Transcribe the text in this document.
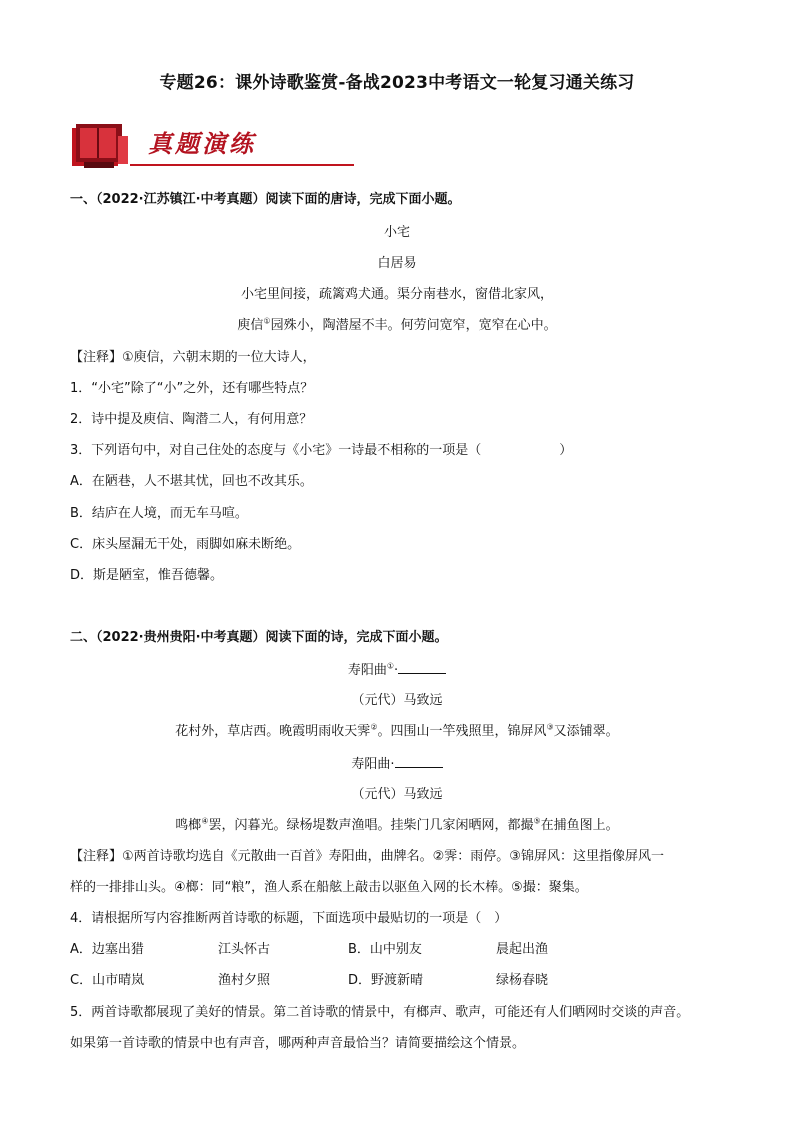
专题26：课外诗歌鉴赏-备战2023中考语文一轮复习通关练习
真题演练
一、（2022·江苏镇江·中考真题）阅读下面的唐诗，完成下面小题。
小宅
白居易
小宅里间接，疏篱鸡犬通。渠分南巷水，窗借北家风，
庾信①园殊小，陶潜屋不丰。何劳问宽窄，宽窄在心中。
【注释】①庾信，六朝末期的一位大诗人，
1．“小宅”除了“小”之外，还有哪些特点？
2．诗中提及庾信、陶潜二人，有何用意？
3．下列语句中，对自己住处的态度与《小宅》一诗最不相称的一项是（　　　　　　）
A．在陋巷，人不堪其忧，回也不改其乐。
B．结庐在人境，而无车马喧。
C．床头屋漏无干处，雨脚如麻未断绝。
D．斯是陋室，惟吾德馨。
二、（2022·贵州贵阳·中考真题）阅读下面的诗，完成下面小题。
寿阳曲①·
（元代）马致远
花村外，草店西。晚霞明雨收天霁②。四围山一竿残照里，锦屏风③又添铺翠。
寿阳曲·
（元代）马致远
鸣榔④罢，闪暮光。绿杨堤数声渔唱。挂柴门几家闲晒网，都撮⑤在捕鱼图上。
【注释】①两首诗歌均选自《元散曲一百首》寿阳曲，曲牌名。②霁：雨停。③锦屏风：这里指像屏风一
样的一排排山头。④榔：同“粮”，渔人系在船舷上敲击以驱鱼入网的长木棒。⑤撮：聚集。
4．请根据所写内容推断两首诗歌的标题，下面选项中最贴切的一项是（　）
A．边塞出猎	江头怀古	B．山中别友	晨起出渔
C．山市晴岚	渔村夕照	D．野渡新晴	绿杨春晓
5．两首诗歌都展现了美好的情景。第二首诗歌的情景中，有榔声、歌声，可能还有人们晒网时交谈的声音。
如果第一首诗歌的情景中也有声音，哪两种声音最恰当？请简要描绘这个情景。
